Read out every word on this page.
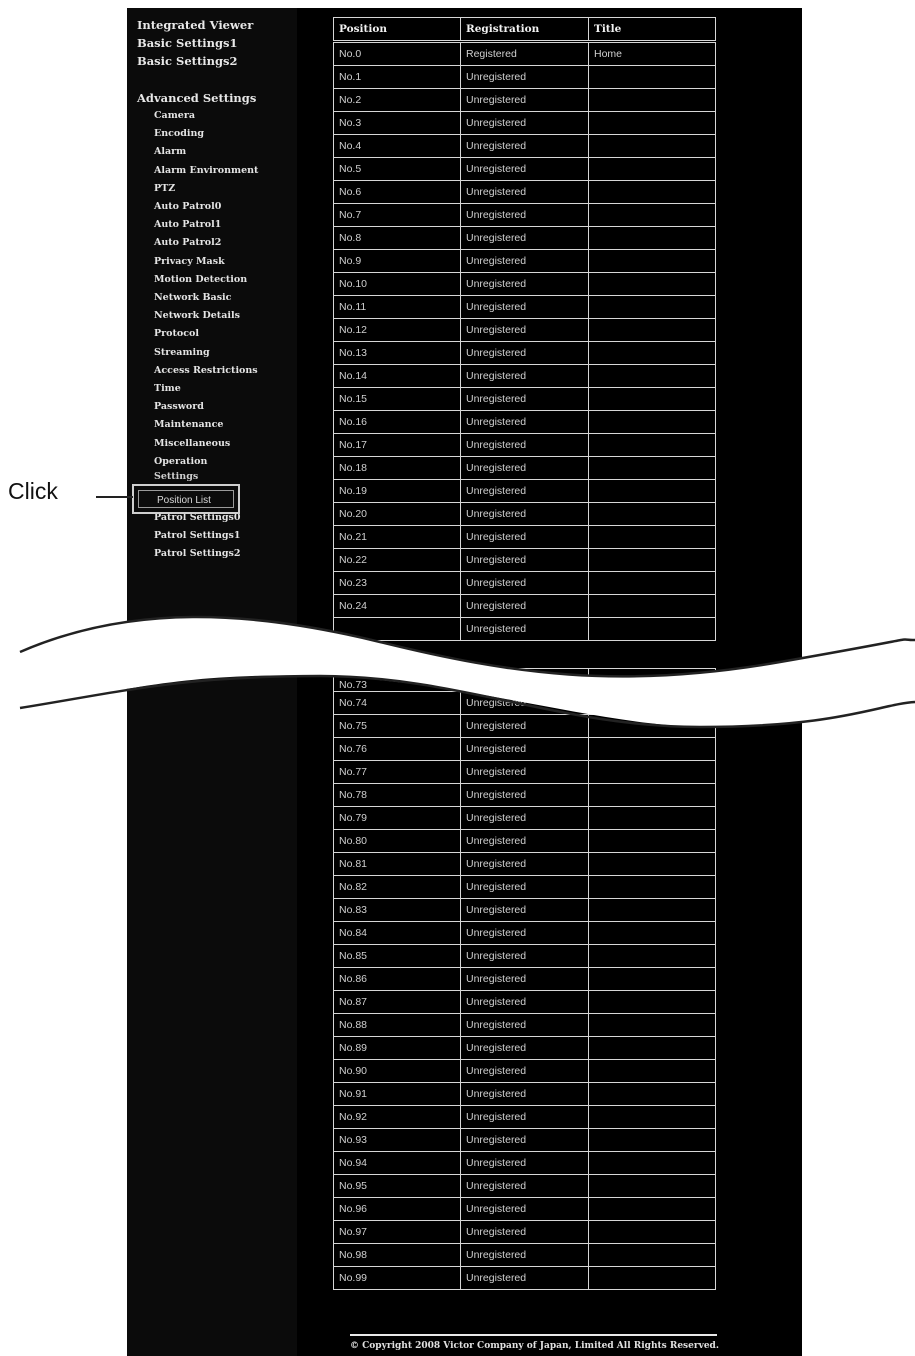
Integrated Viewer
Basic Settings1
Basic Settings2
Advanced Settings
Camera
Encoding
Alarm
Alarm Environment
PTZ
Auto Patrol0
Auto Patrol1
Auto Patrol2
Privacy Mask
Motion Detection
Network Basic
Network Details
Protocol
Streaming
Access Restrictions
Time
Password
Maintenance
Miscellaneous
Operation
Settings
Patrol Settings0
Patrol Settings1
Patrol Settings2
Position	Registration	Title
No.0	Registered	Home
No.1	Unregistered	
No.2	Unregistered	
No.3	Unregistered	
No.4	Unregistered	
No.5	Unregistered	
No.6	Unregistered	
No.7	Unregistered	
No.8	Unregistered	
No.9	Unregistered	
No.10	Unregistered	
No.11	Unregistered	
No.12	Unregistered	
No.13	Unregistered	
No.14	Unregistered	
No.15	Unregistered	
No.16	Unregistered	
No.17	Unregistered	
No.18	Unregistered	
No.19	Unregistered	
No.20	Unregistered	
No.21	Unregistered	
No.22	Unregistered	
No.23	Unregistered	
No.24	Unregistered	
	Unregistered	
No.73		
No.74	Unregistered	
No.75	Unregistered	
No.76	Unregistered	
No.77	Unregistered	
No.78	Unregistered	
No.79	Unregistered	
No.80	Unregistered	
No.81	Unregistered	
No.82	Unregistered	
No.83	Unregistered	
No.84	Unregistered	
No.85	Unregistered	
No.86	Unregistered	
No.87	Unregistered	
No.88	Unregistered	
No.89	Unregistered	
No.90	Unregistered	
No.91	Unregistered	
No.92	Unregistered	
No.93	Unregistered	
No.94	Unregistered	
No.95	Unregistered	
No.96	Unregistered	
No.97	Unregistered	
No.98	Unregistered	
No.99	Unregistered	
Position List
Click
© Copyright 2008 Victor Company of Japan, Limited All Rights Reserved.
